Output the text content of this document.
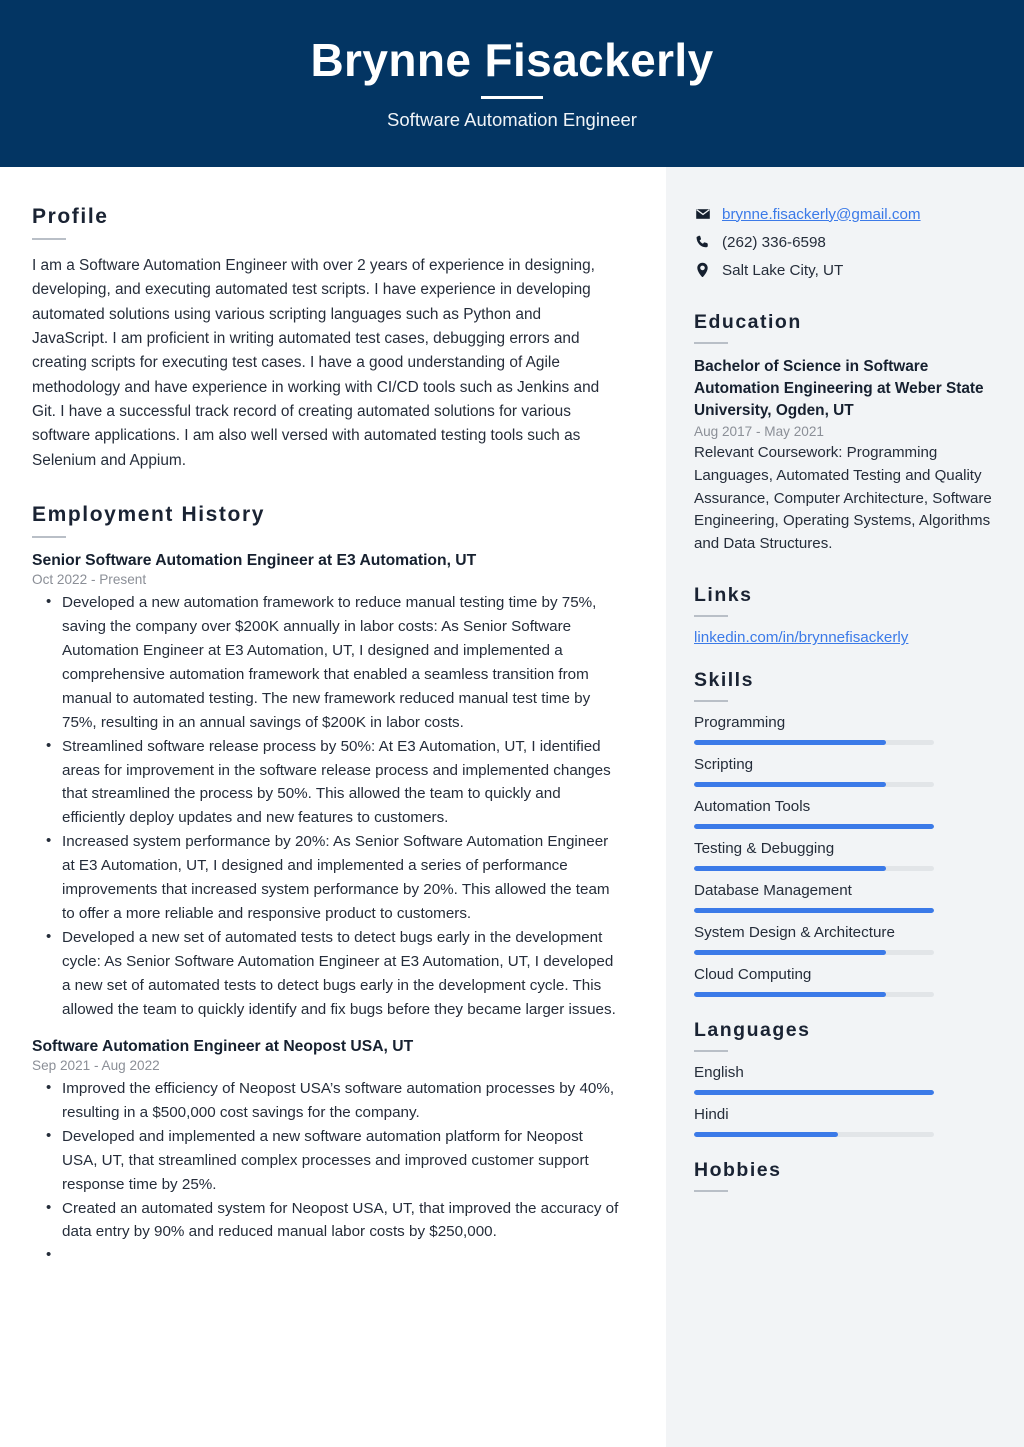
Brynne Fisackerly
Software Automation Engineer
Profile
I am a Software Automation Engineer with over 2 years of experience in designing, developing, and executing automated test scripts. I have experience in developing automated solutions using various scripting languages such as Python and JavaScript. I am proficient in writing automated test cases, debugging errors and creating scripts for executing test cases. I have a good understanding of Agile methodology and have experience in working with CI/CD tools such as Jenkins and Git. I have a successful track record of creating automated solutions for various software applications. I am also well versed with automated testing tools such as Selenium and Appium.
Employment History
Senior Software Automation Engineer at E3 Automation, UT
Oct 2022 - Present
• Developed a new automation framework to reduce manual testing time by 75%, saving the company over $200K annually in labor costs: As Senior Software Automation Engineer at E3 Automation, UT, I designed and implemented a comprehensive automation framework that enabled a seamless transition from manual to automated testing. The new framework reduced manual test time by 75%, resulting in an annual savings of $200K in labor costs.
• Streamlined software release process by 50%: At E3 Automation, UT, I identified areas for improvement in the software release process and implemented changes that streamlined the process by 50%. This allowed the team to quickly and efficiently deploy updates and new features to customers.
• Increased system performance by 20%: As Senior Software Automation Engineer at E3 Automation, UT, I designed and implemented a series of performance improvements that increased system performance by 20%. This allowed the team to offer a more reliable and responsive product to customers.
• Developed a new set of automated tests to detect bugs early in the development cycle: As Senior Software Automation Engineer at E3 Automation, UT, I developed a new set of automated tests to detect bugs early in the development cycle. This allowed the team to quickly identify and fix bugs before they became larger issues.
Software Automation Engineer at Neopost USA, UT
Sep 2021 - Aug 2022
• Improved the efficiency of Neopost USA’s software automation processes by 40%, resulting in a $500,000 cost savings for the company.
• Developed and implemented a new software automation platform for Neopost USA, UT, that streamlined complex processes and improved customer support response time by 25%.
• Created an automated system for Neopost USA, UT, that improved the accuracy of data entry by 90% and reduced manual labor costs by $250,000.
brynne.fisackerly@gmail.com
(262) 336-6598
Salt Lake City, UT
Education
Bachelor of Science in Software Automation Engineering at Weber State University, Ogden, UT
Aug 2017 - May 2021
Relevant Coursework: Programming Languages, Automated Testing and Quality Assurance, Computer Architecture, Software Engineering, Operating Systems, Algorithms and Data Structures.
Links
linkedin.com/in/brynnefisackerly
Skills
Programming
Scripting
Automation Tools
Testing & Debugging
Database Management
System Design & Architecture
Cloud Computing
Languages
English
Hindi
Hobbies
